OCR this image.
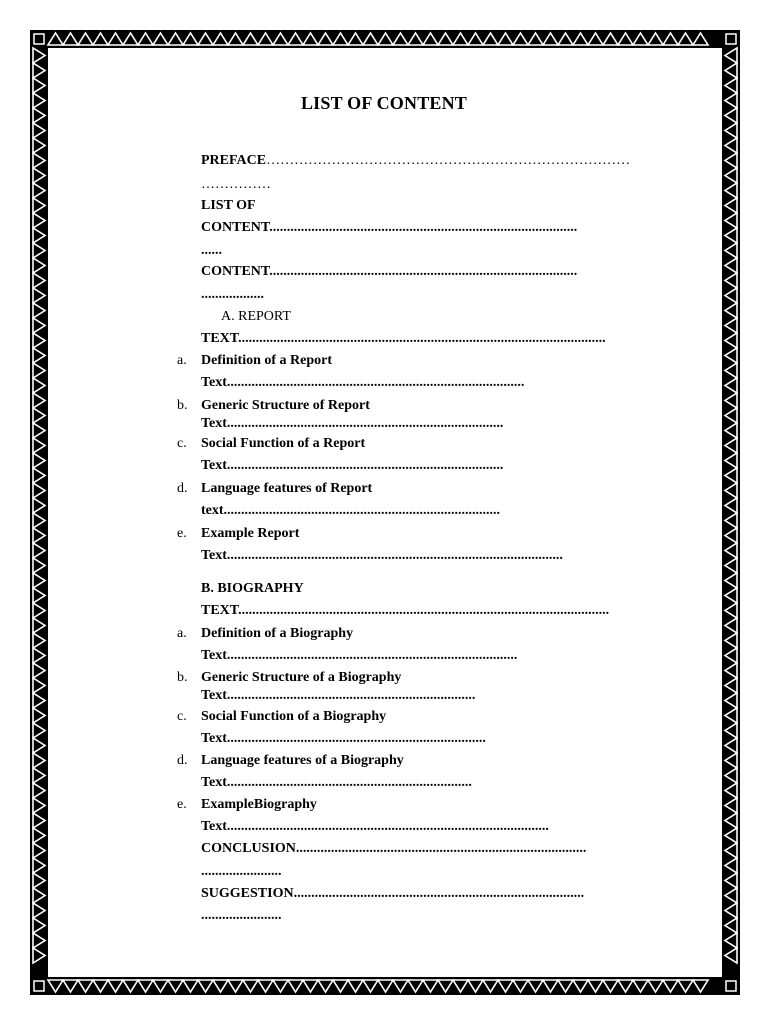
LIST OF CONTENT
PREFACE……………………………………………………………………
……………
LIST OF
CONTENT........................................................................................
......
CONTENT........................................................................................
..................
A. REPORT
TEXT.........................................................................................................
a. Definition of a Report
Text.....................................................................................
b. Generic Structure of Report
Text...............................................................................
c. Social Function of a Report
Text...............................................................................
d. Language features of Report
text...............................................................................
e. Example Report
Text................................................................................................
B. BIOGRAPHY
TEXT..........................................................................................................
a. Definition of a Biography
Text...................................................................................
b. Generic Structure of a Biography
Text.......................................................................
c. Social Function of a Biography
Text..........................................................................
d. Language features of a Biography
Text......................................................................
e. ExampleBiography
Text............................................................................................
CONCLUSION...................................................................................
.......................
SUGGESTION...................................................................................
.......................
